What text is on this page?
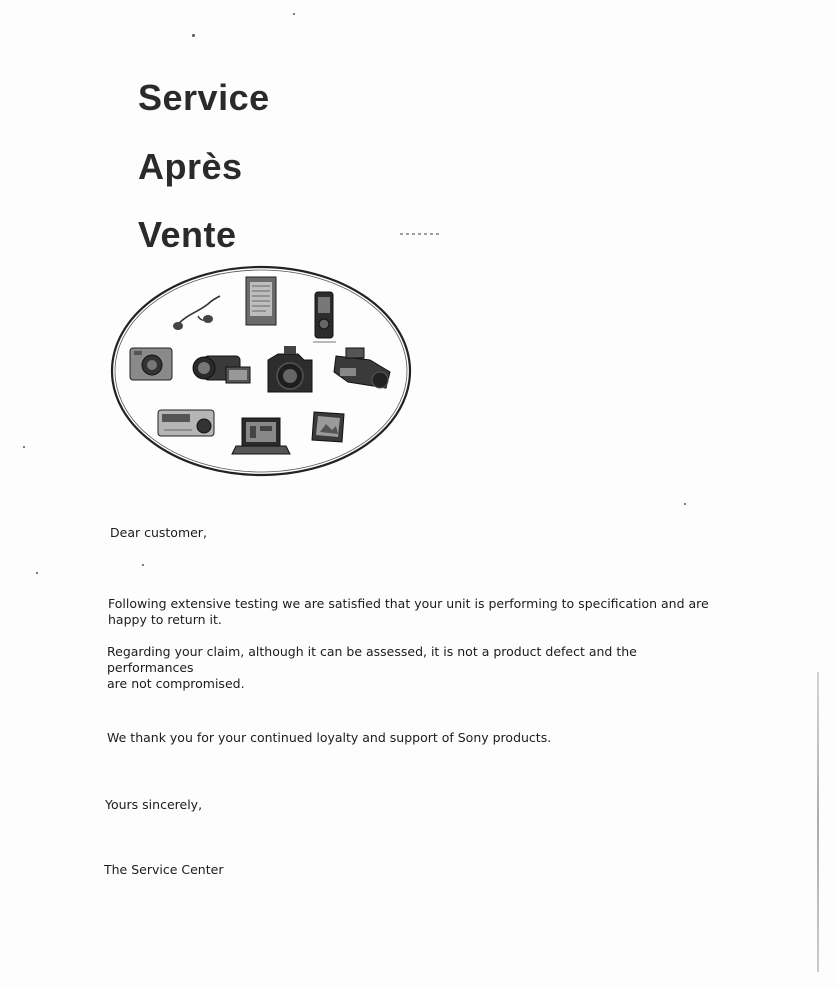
Service
Après
Vente

Dear customer,

Following extensive testing we are satisfied that your unit is performing to specification and are
happy to return it.
Regarding your claim, although it can be assessed, it is not a product defect and the performances
are not compromised.

We thank you for your continued loyalty and support of Sony products.

Yours sincerely,

The Service Center
